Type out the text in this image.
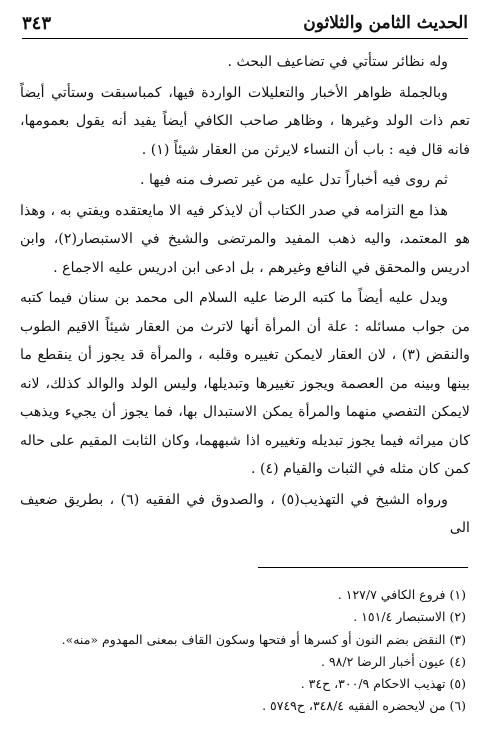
الحديث الثامن والثلاثون
٣٤٣

وله نظائر ستأتي في تضاعيف البحث .

وبالجملة ظواهر الأخبار والتعليلات الواردة فيها، كمباسبقت وستأتي أيضاً تعم ذات الولد وغيرها ، وظاهر صاحب الكافي أيضاً يفيد أنه يقول بعمومها، فانه قال فيه : باب أن النساء لايرثن من العقار شيئاً (١) .

ثم روى فيه أخباراً تدل عليه من غير تصرف منه فيها .

هذا مع التزامه في صدر الكتاب أن لايذكر فيه الا مايعتقده ويفتي به ، وهذا هو المعتمد، واليه ذهب المفيد والمرتضى والشيخ في الاستبصار(٢)، وابن ادريس والمحقق في النافع وغيرهم ، بل ادعى ابن ادريس عليه الاجماع .

ويدل عليه أيضاً ما كتبه الرضا عليه السلام الى محمد بن سنان فيما كتبه من جواب مسائله : علة أن المرأة أنها لاترث من العقار شيئاً الاقيم الطوب والنقض (٣) ، لان العقار لايمكن تغييره وقلبه ، والمرأة قد يجوز أن ينقطع ما بينها وبينه من العصمة ويجوز تغييرها وتبديلها، وليس الولد والوالد كذلك، لانه لايمكن التفصي منهما والمرأة يمكن الاستبدال بها، فما يجوز أن يجيء ويذهب كان ميراثه فيما يجوز تبديله وتغييره اذا شبههما، وكان الثابت المقيم على حاله كمن كان مثله في الثبات والقيام (٤) .

ورواه الشيخ في التهذيب(٥) ، والصدوق في الفقيه (٦) ، بطريق ضعيف الى

(١) فروع الكافي ١٢٧/٧ .

(٢) الاستبصار ١٥١/٤ .

(٣) النقض بضم النون أو كسرها أو فتحها وسكون القاف بمعنى المهدوم «منه».

(٤) عيون أخبار الرضا ٩٨/٢ .

(٥) تهذيب الاحكام ٣٠٠/٩، ح٣٤ .

(٦) من لايحضره الفقيه ٣٤٨/٤، ح٥٧٤٩ .
